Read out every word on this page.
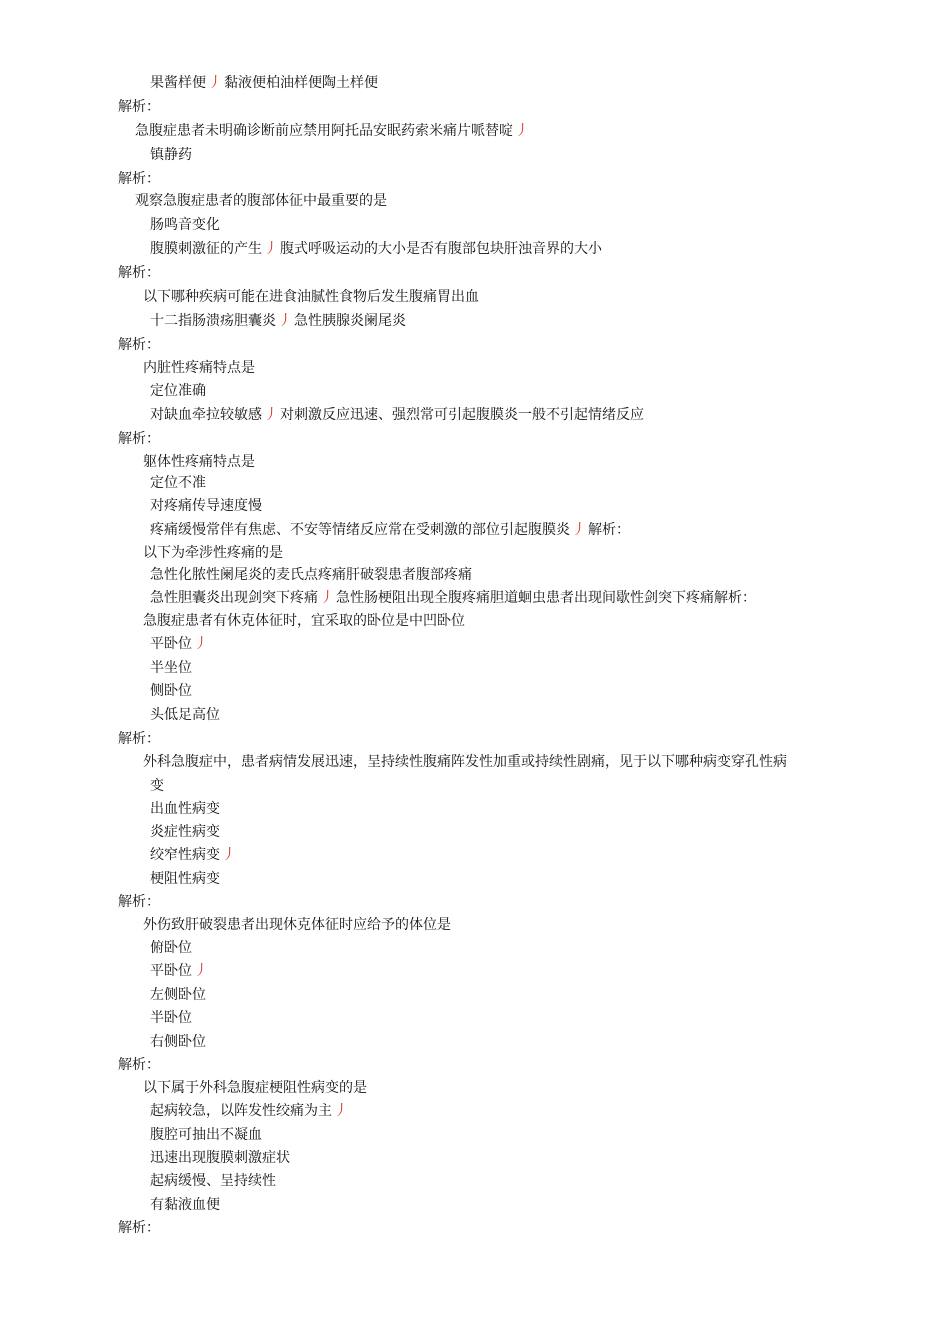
果酱样便 丿 黏液便柏油样便陶土样便
解析：
急腹症患者未明确诊断前应禁用阿托品安眠药索米痛片哌替啶 丿
镇静药
解析：
观察急腹症患者的腹部体征中最重要的是
肠鸣音变化
腹膜刺激征的产生 丿 腹式呼吸运动的大小是否有腹部包块肝浊音界的大小
解析：
以下哪种疾病可能在进食油腻性食物后发生腹痛胃出血
十二指肠溃疡胆囊炎 丿 急性胰腺炎阑尾炎
解析：
内脏性疼痛特点是
定位准确
对缺血牵拉较敏感 丿 对刺激反应迅速、强烈常可引起腹膜炎一般不引起情绪反应
解析：
躯体性疼痛特点是
定位不准
对疼痛传导速度慢
疼痛缓慢常伴有焦虑、不安等情绪反应常在受刺激的部位引起腹膜炎 丿 解析：
以下为牵涉性疼痛的是
急性化脓性阑尾炎的麦氏点疼痛肝破裂患者腹部疼痛
急性胆囊炎出现剑突下疼痛 丿 急性肠梗阻出现全腹疼痛胆道蛔虫患者出现间歇性剑突下疼痛解析：
急腹症患者有休克体征时，宜采取的卧位是中凹卧位
平卧位 丿
半坐位
侧卧位
头低足高位
解析：
外科急腹症中，患者病情发展迅速，呈持续性腹痛阵发性加重或持续性剧痛，见于以下哪种病变穿孔性病
变
出血性病变
炎症性病变
绞窄性病变 丿
梗阻性病变
解析：
外伤致肝破裂患者出现休克体征时应给予的体位是
俯卧位
平卧位 丿
左侧卧位
半卧位
右侧卧位
解析：
以下属于外科急腹症梗阻性病变的是
起病较急，以阵发性绞痛为主 丿
腹腔可抽出不凝血
迅速出现腹膜刺激症状
起病缓慢、呈持续性
有黏液血便
解析：
